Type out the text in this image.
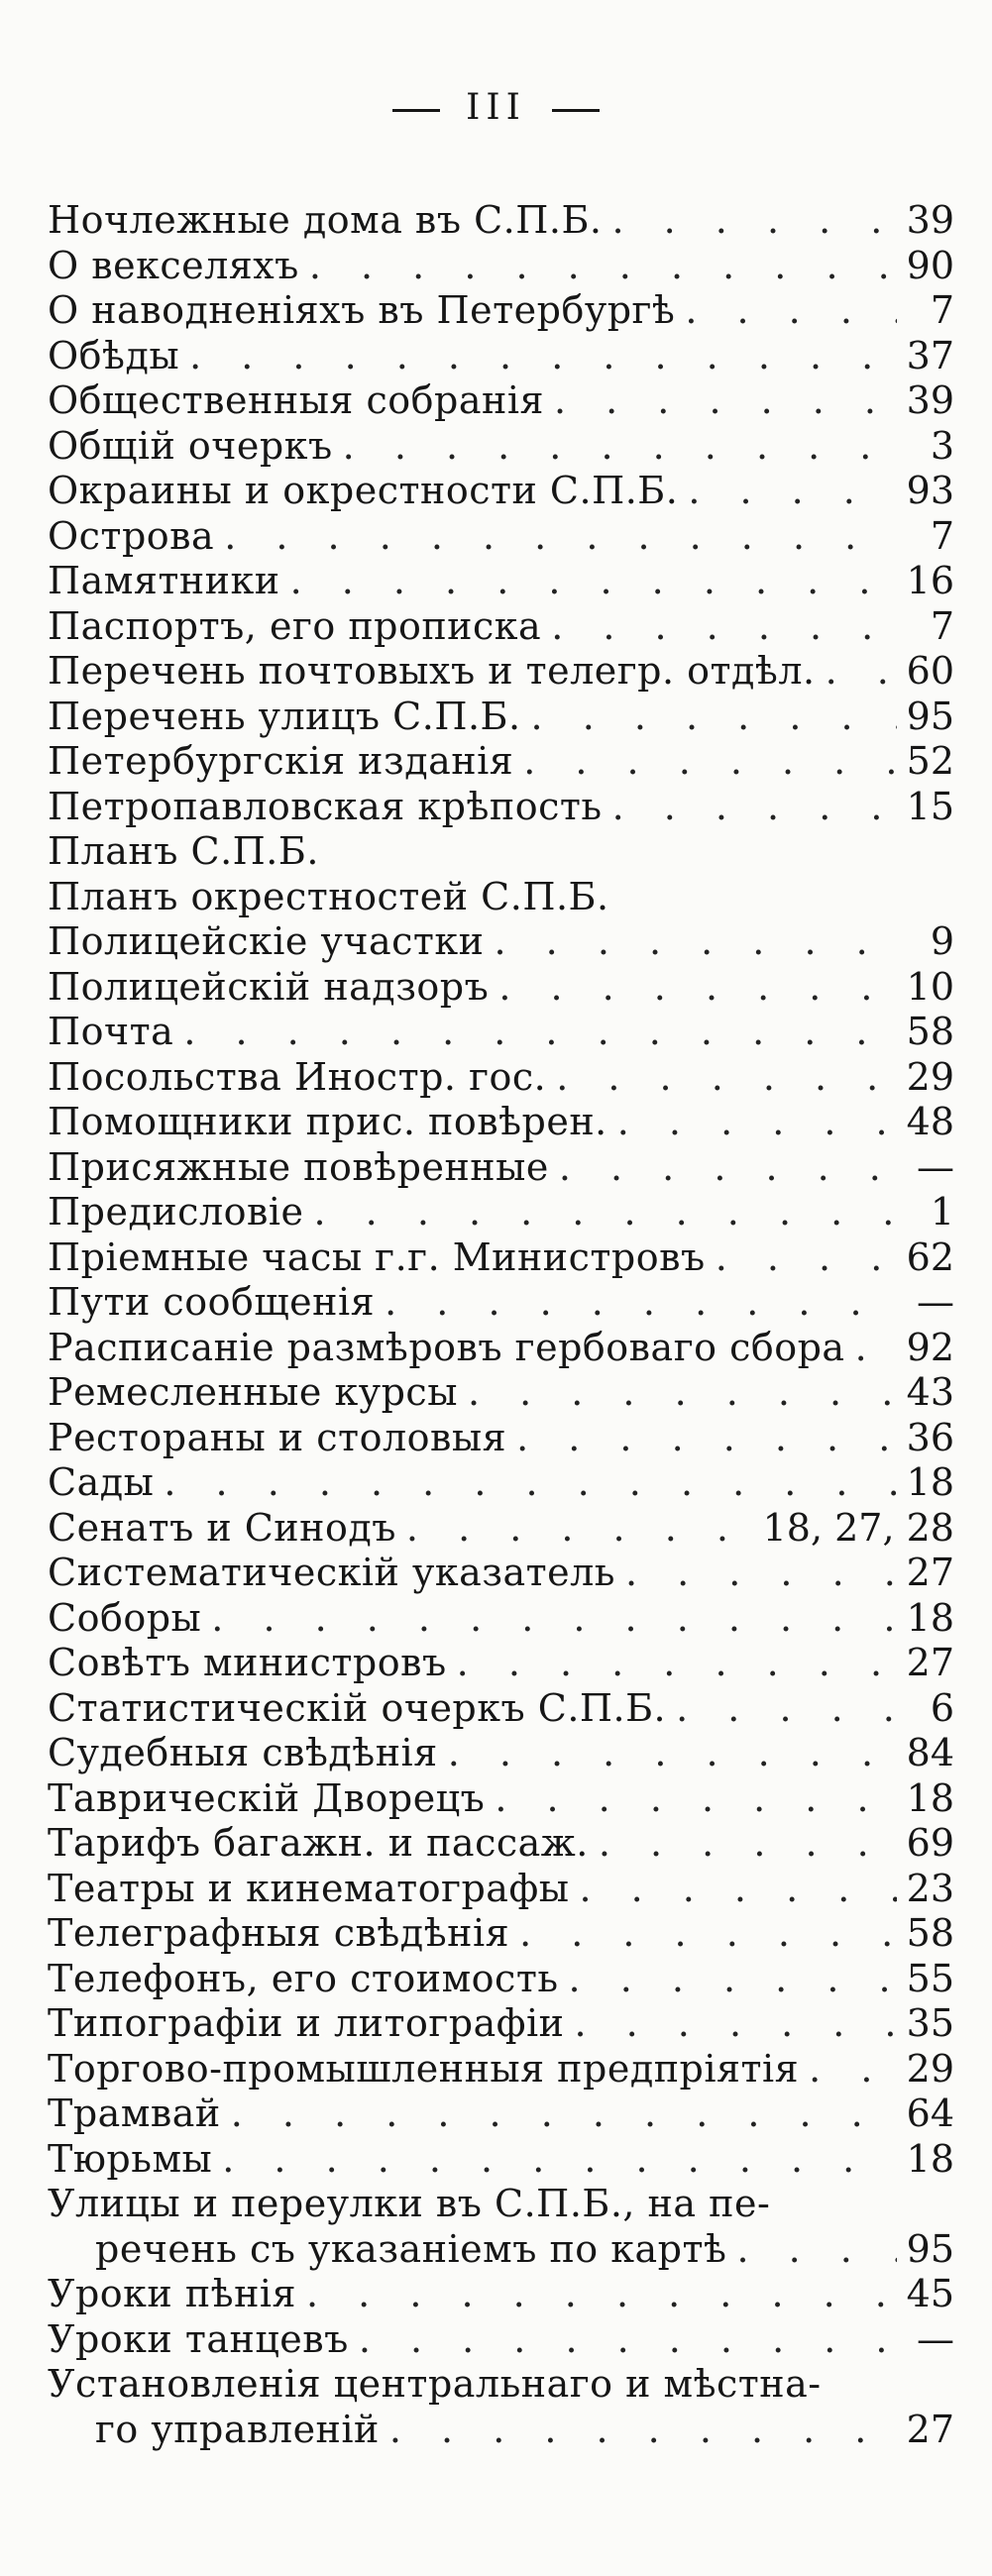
III
Ночлежные дома въ С.П.Б. . . .	39
О векселяхъ . . .	90
О наводненiяхъ въ Петербургѣ . . .	7
Обѣды . . .	37
Общественныя собранiя . . .	39
Общiй очеркъ . . .	3
Окраины и окрестности С.П.Б. . . .	93
Острова . . .	7
Памятники . . .	16
Паспортъ, его прописка . . .	7
Перечень почтовыхъ и телегр. отдѣл. . . . 60
Перечень улицъ С.П.Б. . . .	95
Петербургскiя изданiя . . .	52
Петропавловская крѣпость . . .	15
Планъ С.П.Б.
Планъ окрестностей С.П.Б.
Полицейскiе участки . . .	9
Полицейскiй надзоръ . . .	10
Почта . . .	58
Посольства Иностр. гос. . . .	29
Помощники прис. повѣрен. . . .	48
Присяжные повѣренные . . .	—
Предисловiе . . .	1
Прiемные часы г.г. Министровъ . . .	62
Пути сообщенiя . . .	—
Расписанiе размѣровъ гербоваго сбора . . . 92
Ремесленные курсы . . .	43
Рестораны и столовыя . . .	36
Сады . . .	18
Сенатъ и Синодъ . . .	18, 27, 28
Систематическiй указатель . . .	27
Соборы . . .	18
Совѣтъ министровъ . . .	27
Статистическiй очеркъ С.П.Б. . . .	6
Судебныя свѣдѣнiя . . .	84
Таврическiй Дворецъ . . .	18
Тарифъ багажн. и пассаж. . . .	69
Театры и кинематографы . . .	23
Телеграфныя свѣдѣнiя . . .	58
Телефонъ, его стоимость . . .	55
Типографiи и литографiи . . .	35
Торгово-промышленныя предпрiятiя . . .	29
Трамвай . . .	64
Тюрьмы . . .	18
Улицы и переулки въ С.П.Б., на пе-
речень съ указанiемъ по картѣ . . .	95
Уроки пѣнiя . . .	45
Уроки танцевъ . . .	—
Установленiя центральнаго и мѣстна-
го управленiй . . .	27
